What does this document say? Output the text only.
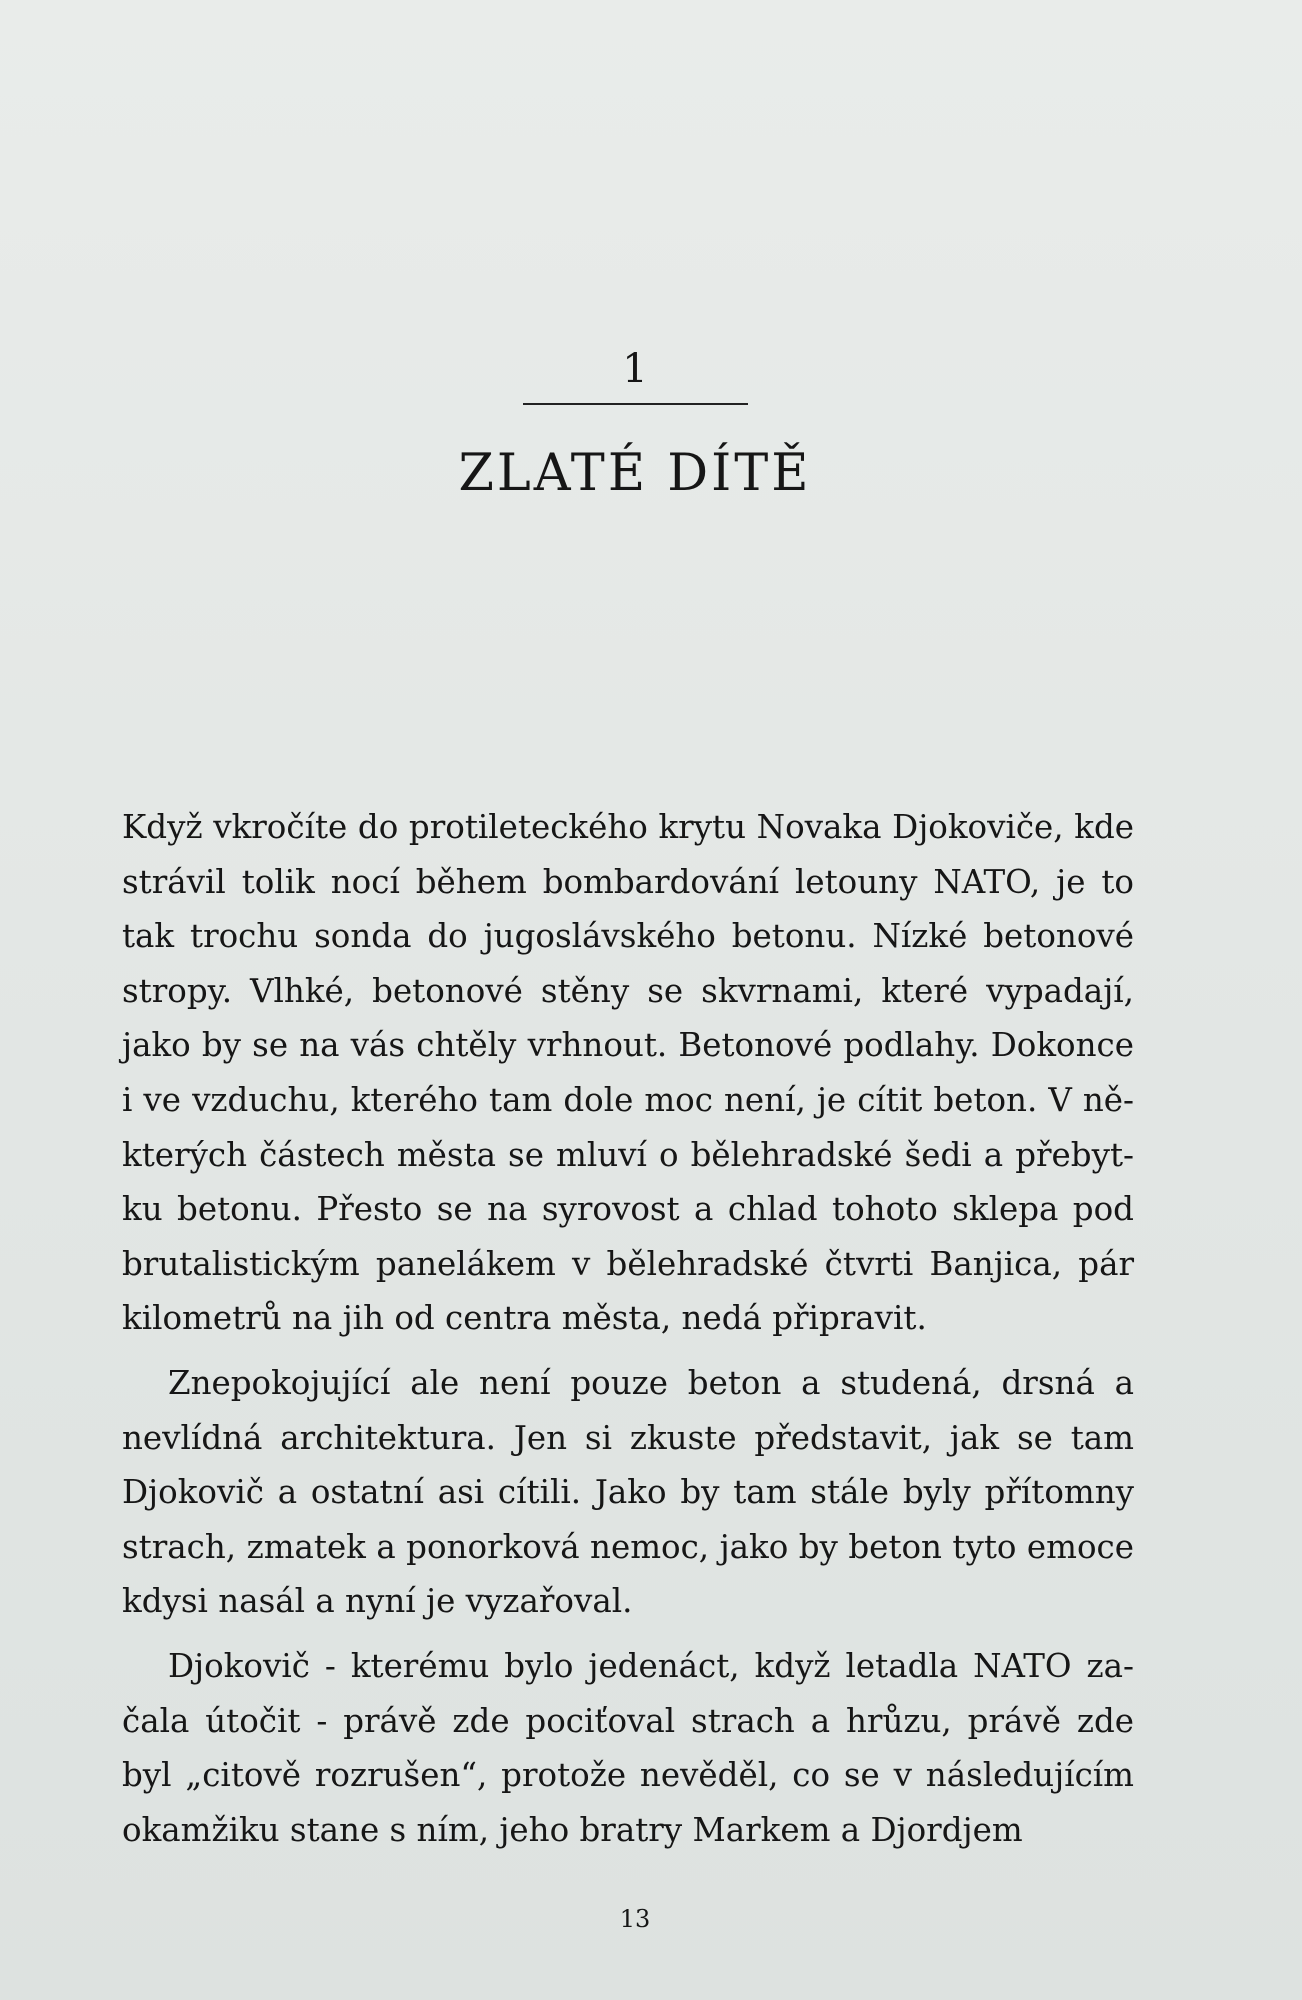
1
ZLATÉ DÍTĚ

Když vkročíte do protileteckého krytu Novaka Djokoviče, kde strávil tolik nocí během bombardování letouny NATO, je to tak trochu sonda do jugoslávského betonu. Nízké betonové stropy. Vlhké, betonové stěny se skvrnami, které vypadají, jako by se na vás chtěly vrhnout. Betonové podlahy. Dokonce i ve vzduchu, kterého tam dole moc není, je cítit beton. V některých částech města se mluví o bělehradské šedi a přebytku betonu. Přesto se na syrovost a chlad tohoto sklepa pod brutalistickým panelákem v bělehradské čtvrti Banjica, pár kilometrů na jih od centra města, nedá připravit.

Znepokojující ale není pouze beton a studená, drsná a nevlídná architektura. Jen si zkuste představit, jak se tam Djokovič a ostatní asi cítili. Jako by tam stále byly přítomny strach, zmatek a ponorková nemoc, jako by beton tyto emoce kdysi nasál a nyní je vyzařoval.

Djokovič - kterému bylo jedenáct, když letadla NATO začala útočit - právě zde pociťoval strach a hrůzu, právě zde byl „citově rozrušen“, protože nevěděl, co se v následujícím okamžiku stane s ním, jeho bratry Markem a Djordjem

13
